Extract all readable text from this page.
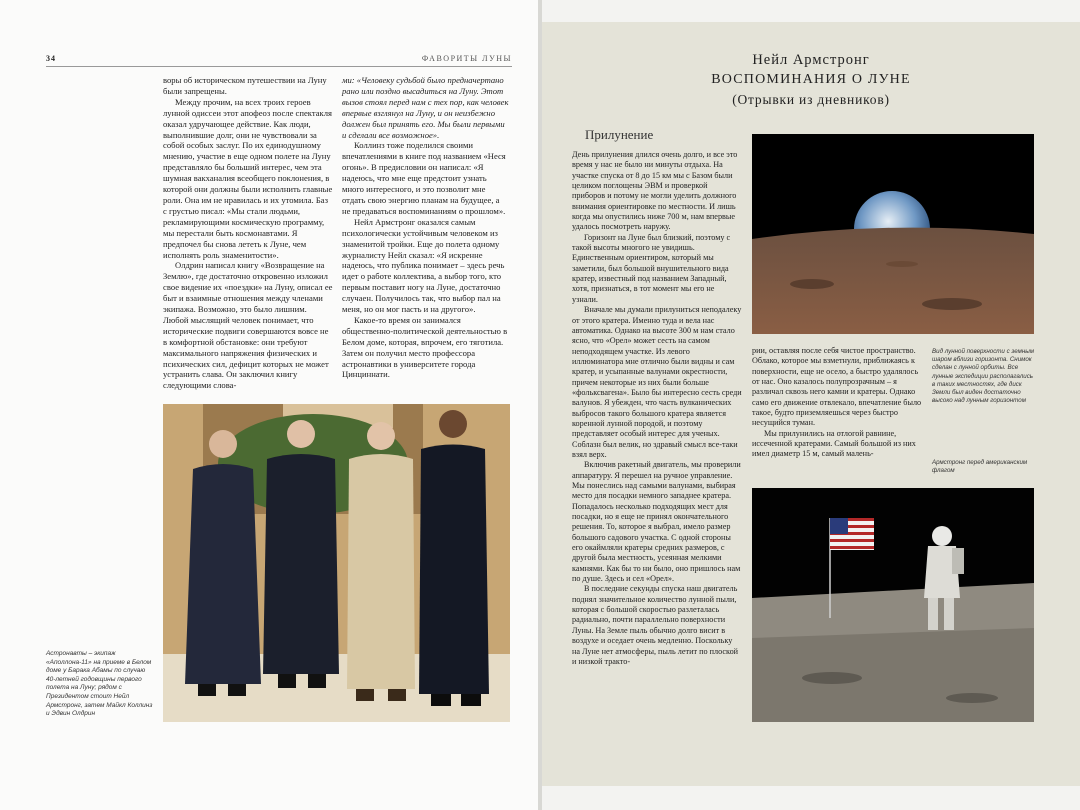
34	ФАВОРИТЫ ЛУНЫ

воры об историческом путешествии на Луну были запрещены.

Между прочим, на всех троих героев лунной одиссеи этот апофеоз после спектакля оказал удручающее действие. Как люди, выполнившие долг, они не чувствовали за собой особых заслуг. По их единодушному мнению, участие в еще одном полете на Луну представляло бы больший интерес, чем эта шумная вакханалия всеобщего поклонения, в которой они должны были исполнить главные роли. Она им не нравилась и их утомила. Баз с грустью писал: «Мы стали людьми, рекламирующими космическую программу, мы перестали быть космонавтами. Я предпочел бы снова лететь к Луне, чем исполнять роль знаменитости».

Олдрин написал книгу «Возвращение на Землю», где достаточно откровенно изложил свое видение их «поездки» на Луну, описал ее быт и взаимные отношения между членами экипажа. Возможно, это было лишним. Любой мыслящий человек понимает, что исторические подвиги совершаются вовсе не в комфортной обстановке: они требуют максимального напряжения физических и психических сил, дефицит которых не может устранить слава. Он заключил книгу следующими слова-

ми: «Человеку судьбой было предначертано рано или поздно высадиться на Луну. Этот вызов стоял перед нам с тех пор, как человек впервые взглянул на Луну, и он неизбежно должен был принять его. Мы были первыми и сделали все возможное».

Коллинз тоже поделился своими впечатлениями в книге под названием «Неся огонь». В предисловии он написал: «Я надеюсь, что мне еще предстоит узнать много интересного, и это позволит мне отдать свою энергию планам на будущее, а не предаваться воспоминаниям о прошлом».

Нейл Армстронг оказался самым психологически устойчивым человеком из знаменитой тройки. Еще до полета одному журналисту Нейл сказал: «Я искренне надеюсь, что публика понимает – здесь речь идет о работе коллектива, а выбор того, кто первым поставит ногу на Луне, достаточно случаен. Получилось так, что выбор пал на меня, но он мог пасть и на другого».

Какое-то время он занимался общественно-политической деятельностью в Белом доме, которая, впрочем, его тяготила. Затем он получил место профессора астронавтики в университете города Цинциннати.

Астронавты – экипаж «Аполлона-11» на приеме в Белом доме у Барака Абамы по случаю 40-летней годовщины первого полета на Луну; рядом с Президентом стоит Нейл Армстронг, затем Майкл Коллинз и Эдвин Олдрин
Нейл Армстронг
ВОСПОМИНАНИЯ О ЛУНЕ
(Отрывки из дневников)
Прилунение

День прилунения длился очень долго, и все это время у нас не было ни минуты отдыха. На участке спуска от 8 до 15 км мы с Базом были целиком поглощены ЭВМ и проверкой приборов и потому не могли уделить должного внимания ориентировке по местности. И лишь когда мы опустились ниже 700 м, нам впервые удалось посмотреть наружу.

Горизонт на Луне был близкий, поэтому с такой высоты многого не увидишь. Единственным ориентиром, который мы заметили, был большой внушительного вида кратер, известный под названием Западный, хотя, признаться, в тот момент мы его не узнали.

Вначале мы думали прилуниться неподалеку от этого кратера. Именно туда и вела нас автоматика. Однако на высоте 300 м нам стало ясно, что «Орел» может сесть на самом неподходящем участке. Из левого иллюминатора мне отлично были видны и сам кратер, и усыпанные валунами окрестности, причем некоторые из них были больше «фольксвагена». Было бы интересно сесть среди валунов. Я убежден, что часть вулканических выбросов такого большого кратера является коренной лунной породой, и поэтому представляет особый интерес для ученых. Соблазн был велик, но здравый смысл все-таки взял верх.

Включив ракетный двигатель, мы проверили аппаратуру. Я перешел на ручное управление. Мы понеслись над самыми валунами, выбирая место для посадки немного западнее кратера. Попадалось несколько подходящих мест для посадки, но я еще не принял окончательного решения. То, которое я выбрал, имело размер большого садового участка. С одной стороны его окаймляли кратеры средних размеров, с другой была местность, усеянная мелкими камнями. Как бы то ни было, оно пришлось нам по душе. Здесь и сел «Орел».

В последние секунды спуска наш двигатель поднял значительное количество лунной пыли, которая с большой скоростью разлеталась радиально, почти параллельно поверхности Луны. На Земле пыль обычно долго висит в воздухе и оседает очень медленно. Поскольку на Луне нет атмосферы, пыль летит по плоской и низкой тракто-

рии, оставляя после себя чистое пространство. Облако, которое мы взметнули, приближаясь к поверхности, еще не осело, а быстро удалялось от нас. Оно казалось полупрозрачным – я различал сквозь него камни и кратеры. Однако само его движение отвлекало, впечатление было такое, будто приземляешься через быстро несущийся туман.

Мы прилунились на отлогой равнине, иссеченной кратерами. Самый большой из них имел диаметр 15 м, самый малень-

Вид лунной поверхности с земным шаром вблизи горизонта. Снимок сделан с лунной орбиты. Все лунные экспедиции располагались в таких местностях, где диск Земли был виден достаточно высоко над лунным горизонтом
Армстронг перед американским флагом
